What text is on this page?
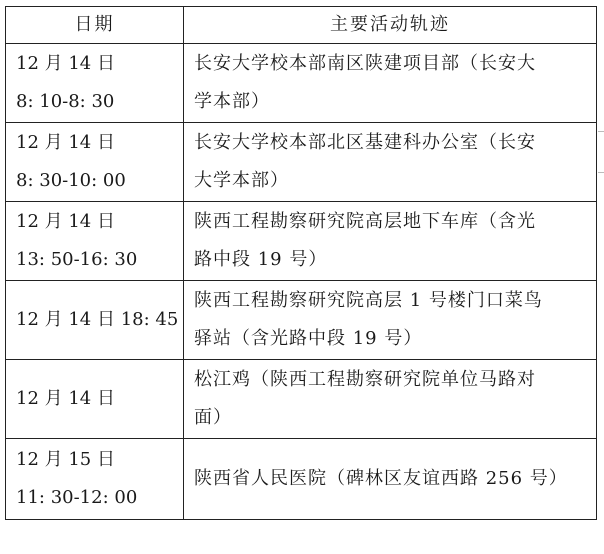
日期	主要活动轨迹

12 月 14 日
8: 10-8: 30	长安大学校本部南区陕建项目部（长安大
学本部）

12 月 14 日
8: 30-10: 00	长安大学校本部北区基建科办公室（长安
大学本部）

12 月 14 日
13: 50-16: 30	陕西工程勘察研究院高层地下车库（含光
路中段 19 号）

12 月 14 日 18: 45	陕西工程勘察研究院高层 1 号楼门口菜鸟
驿站（含光路中段 19 号）

12 月 14 日	松江鸡（陕西工程勘察研究院单位马路对
面）

12 月 15 日
11: 30-12: 00	陕西省人民医院（碑林区友谊西路 256 号）
